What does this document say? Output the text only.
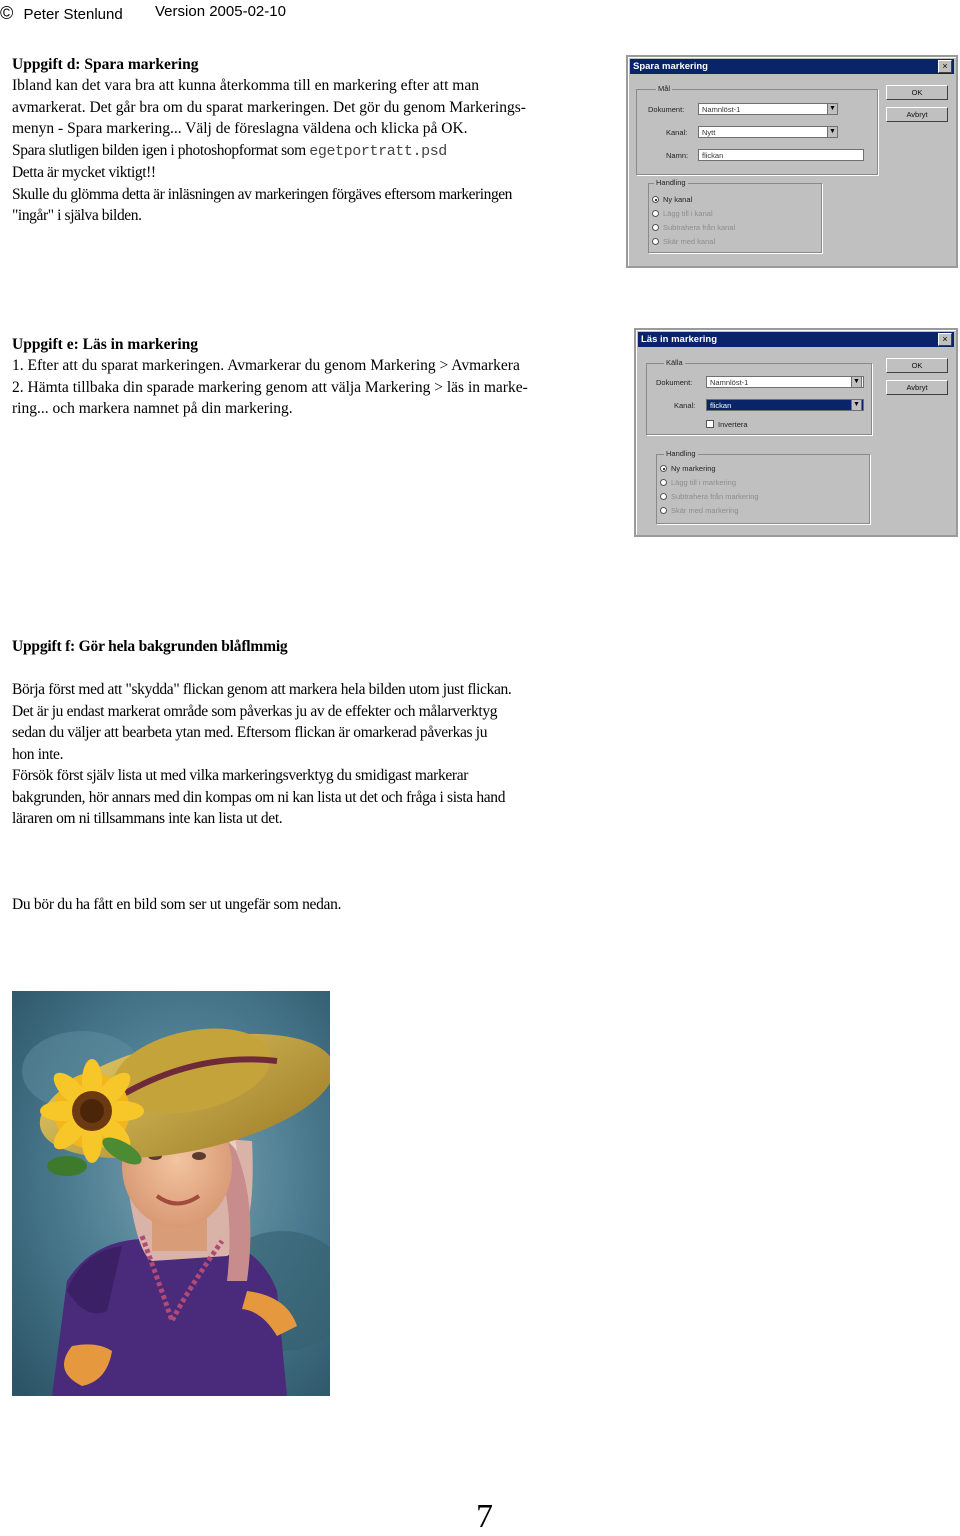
© Peter Stenlund Version 2005-02-10
Uppgift d: Spara markering
Ibland kan det vara bra att kunna återkomma till en markering efter att man
avmarkerat. Det går bra om du sparat markeringen. Det gör du genom Markerings-
menyn - Spara markering... Välj de föreslagna väldena och klicka på OK.
Spara slutligen bilden igen i photoshopformat som egetportratt.psd
Detta är mycket viktigt!!
Skulle du glömma detta är inläsningen av markeringen förgäves eftersom markeringen
"ingår" i själva bilden.
Spara markering	×
Mål
Dokument:	Namnlöst-1	▼
Kanal:	Nytt	▼
Namn:	flickan
OK
Avbryt
Handling
Ny kanal
Lägg till i kanal
Subtrahera från kanal
Skär med kanal
Uppgift e: Läs in markering
1. Efter att du sparat markeringen. Avmarkerar du genom Markering > Avmarkera
2. Hämta tillbaka din sparade markering genom att välja Markering > läs in marke-
ring... och markera namnet på din markering.
Läs in markering	×
Källa
Dokument:	Namnlöst-1	▼
Kanal:	flickan	▼
Invertera
OK
Avbryt
Handling
Ny markering
Lägg till i markering
Subtrahera från markering
Skär med markering
Uppgift f: Gör hela bakgrunden blåflmmig
Börja först med att "skydda" flickan genom att markera hela bilden utom just flickan.
Det är ju endast markerat område som påverkas ju av de effekter och målarverktyg
sedan du väljer att bearbeta ytan med. Eftersom flickan är omarkerad påverkas ju
hon inte.
Försök först själv lista ut med vilka markeringsverktyg du smidigast markerar
bakgrunden, hör annars med din kompas om ni kan lista ut det och fråga i sista hand
läraren om ni tillsammans inte kan lista ut det.
Du bör du ha fått en bild som ser ut ungefär som nedan.
7
